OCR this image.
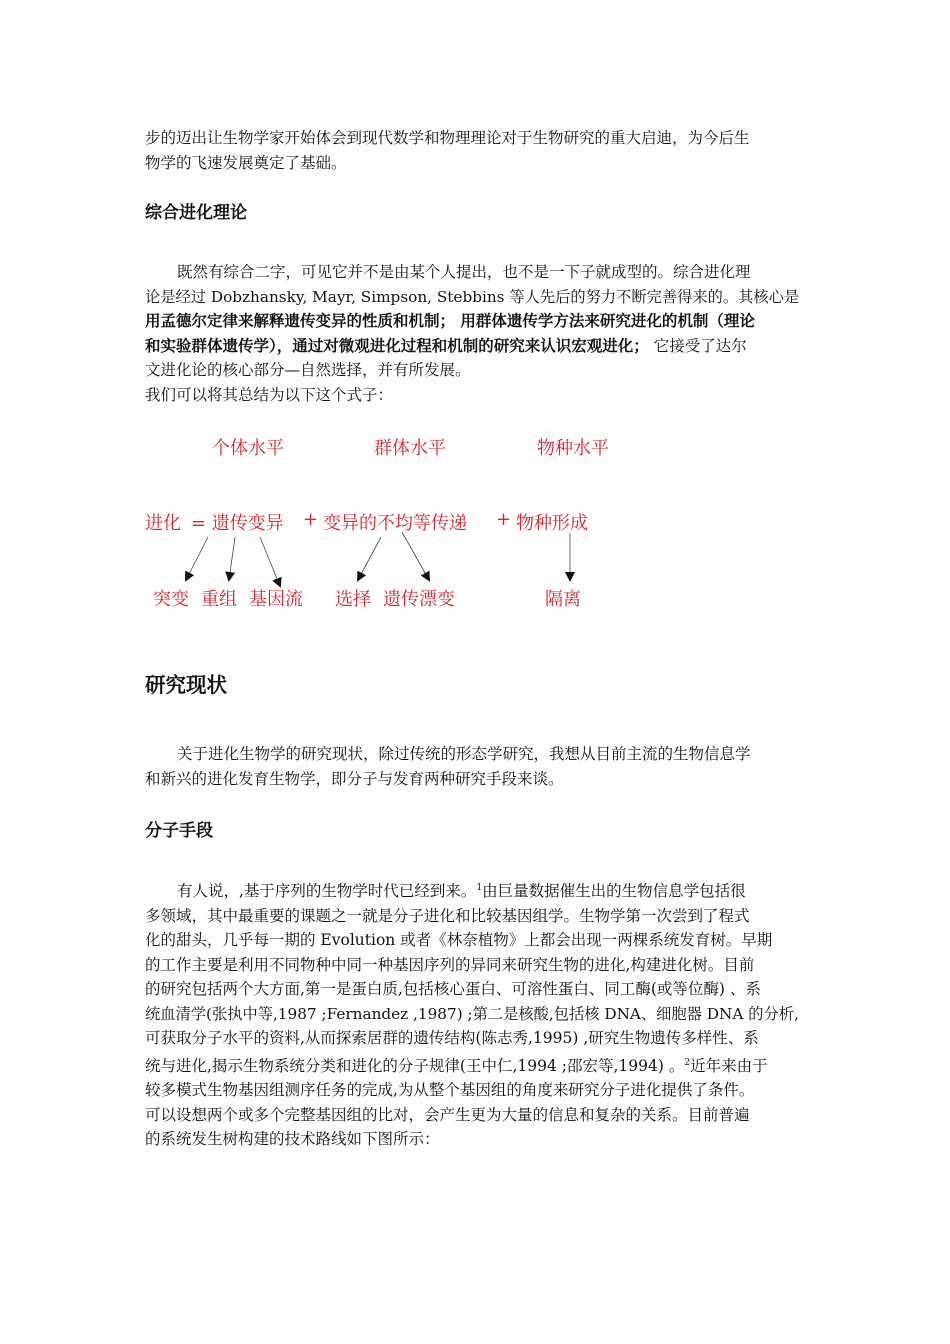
步的迈出让生物学家开始体会到现代数学和物理理论对于生物研究的重大启迪，为今后生
物学的飞速发展奠定了基础。

综合进化理论

既然有综合二字，可见它并不是由某个人提出，也不是一下子就成型的。综合进化理
论是经过 Dobzhansky, Mayr, Simpson, Stebbins 等人先后的努力不断完善得来的。其核心是
用孟德尔定律来解释遗传变异的性质和机制； 用群体遗传学方法来研究进化的机制（理论
和实验群体遗传学），通过对微观进化过程和机制的研究来认识宏观进化； 它接受了达尔
文进化论的核心部分—自然选择，并有所发展。
我们可以将其总结为以下这个式子：

个体水平	群体水平	物种水平
进化 = 遗传变异 + 变异的不均等传递 + 物种形成
突变 重组 基因流 选择 遗传漂变	隔离
研究现状

关于进化生物学的研究现状，除过传统的形态学研究，我想从目前主流的生物信息学
和新兴的进化发育生物学，即分子与发育两种研究手段来谈。

分子手段

有人说，,基于序列的生物学时代已经到来。$^1$由巨量数据催生出的生物信息学包括很
多领域，其中最重要的课题之一就是分子进化和比较基因组学。生物学第一次尝到了程式
化的甜头，几乎每一期的 Evolution 或者《林奈植物》上都会出现一两棵系统发育树。早期
的工作主要是利用不同物种中同一种基因序列的异同来研究生物的进化,构建进化树。目前
的研究包括两个大方面,第一是蛋白质,包括核心蛋白、可溶性蛋白、同工酶(或等位酶) 、系
统血清学(张执中等,1987 ;Fernandez ,1987) ;第二是核酸,包括核 DNA、细胞器 DNA 的分析,
可获取分子水平的资料,从而探索居群的遗传结构(陈志秀,1995) ,研究生物遗传多样性、系
统与进化,揭示生物系统分类和进化的分子规律(王中仁,1994 ;邵宏等,1994) 。$^2$近年来由于
较多模式生物基因组测序任务的完成,为从整个基因组的角度来研究分子进化提供了条件。
可以设想两个或多个完整基因组的比对，会产生更为大量的信息和复杂的关系。目前普遍
的系统发生树构建的技术路线如下图所示：
